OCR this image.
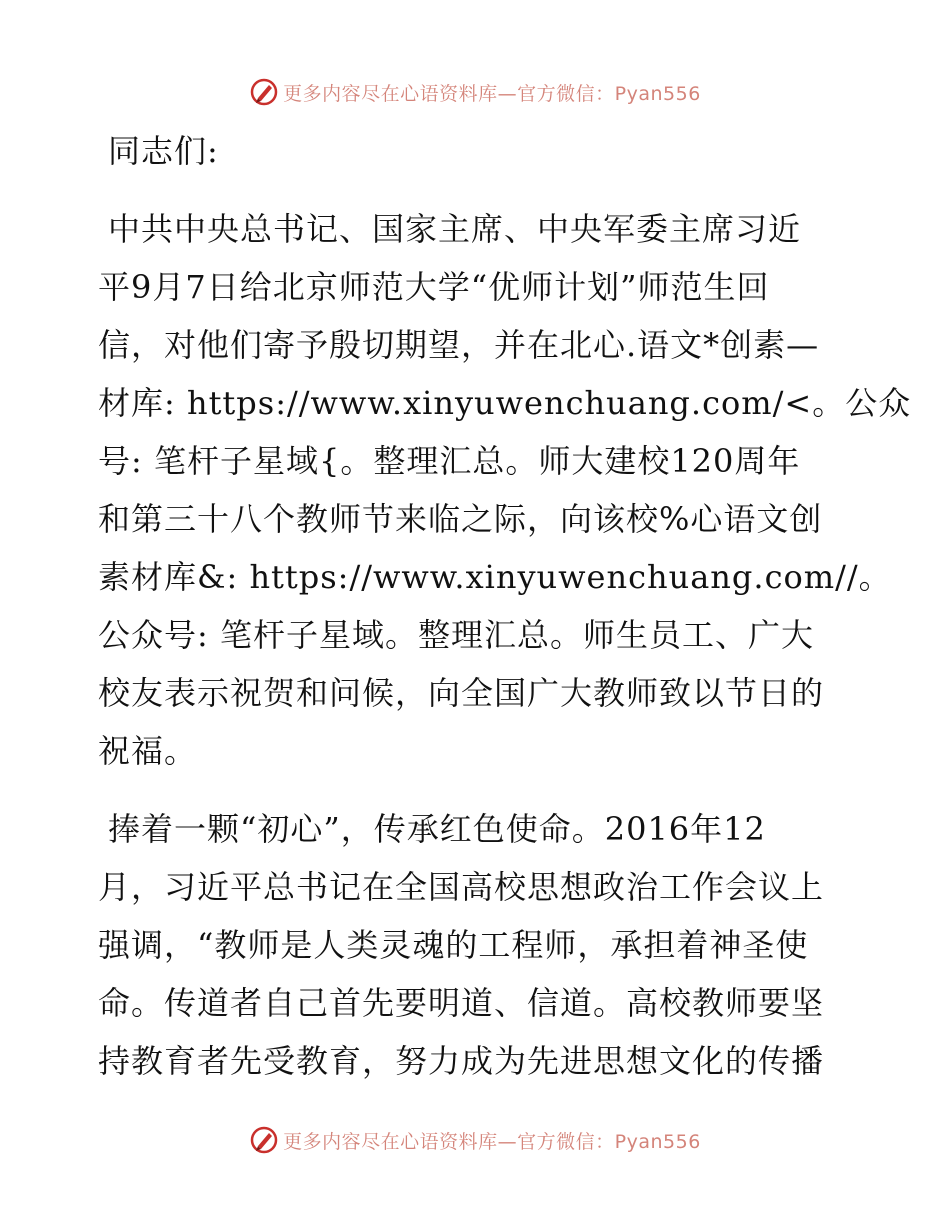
更多内容尽在心语资料库—官方微信：Pyan556
同志们:
中共中央总书记、国家主席、中央军委主席习近
平9月7日给北京师范大学“优师计划”师范生回
信，对他们寄予殷切期望，并在北心.语文*创素—
材库: https://www.xinyuwenchuang.com/<。公众
号: 笔杆子星域{。整理汇总。师大建校120周年
和第三十八个教师节来临之际，向该校%心语文创
素材库&: https://www.xinyuwenchuang.com//。
公众号: 笔杆子星域。整理汇总。师生员工、广大
校友表示祝贺和问候，向全国广大教师致以节日的
祝福。
捧着一颗“初心”，传承红色使命。2016年12
月，习近平总书记在全国高校思想政治工作会议上
强调，“教师是人类灵魂的工程师，承担着神圣使
命。传道者自己首先要明道、信道。高校教师要坚
持教育者先受教育，努力成为先进思想文化的传播
更多内容尽在心语资料库—官方微信：Pyan556
